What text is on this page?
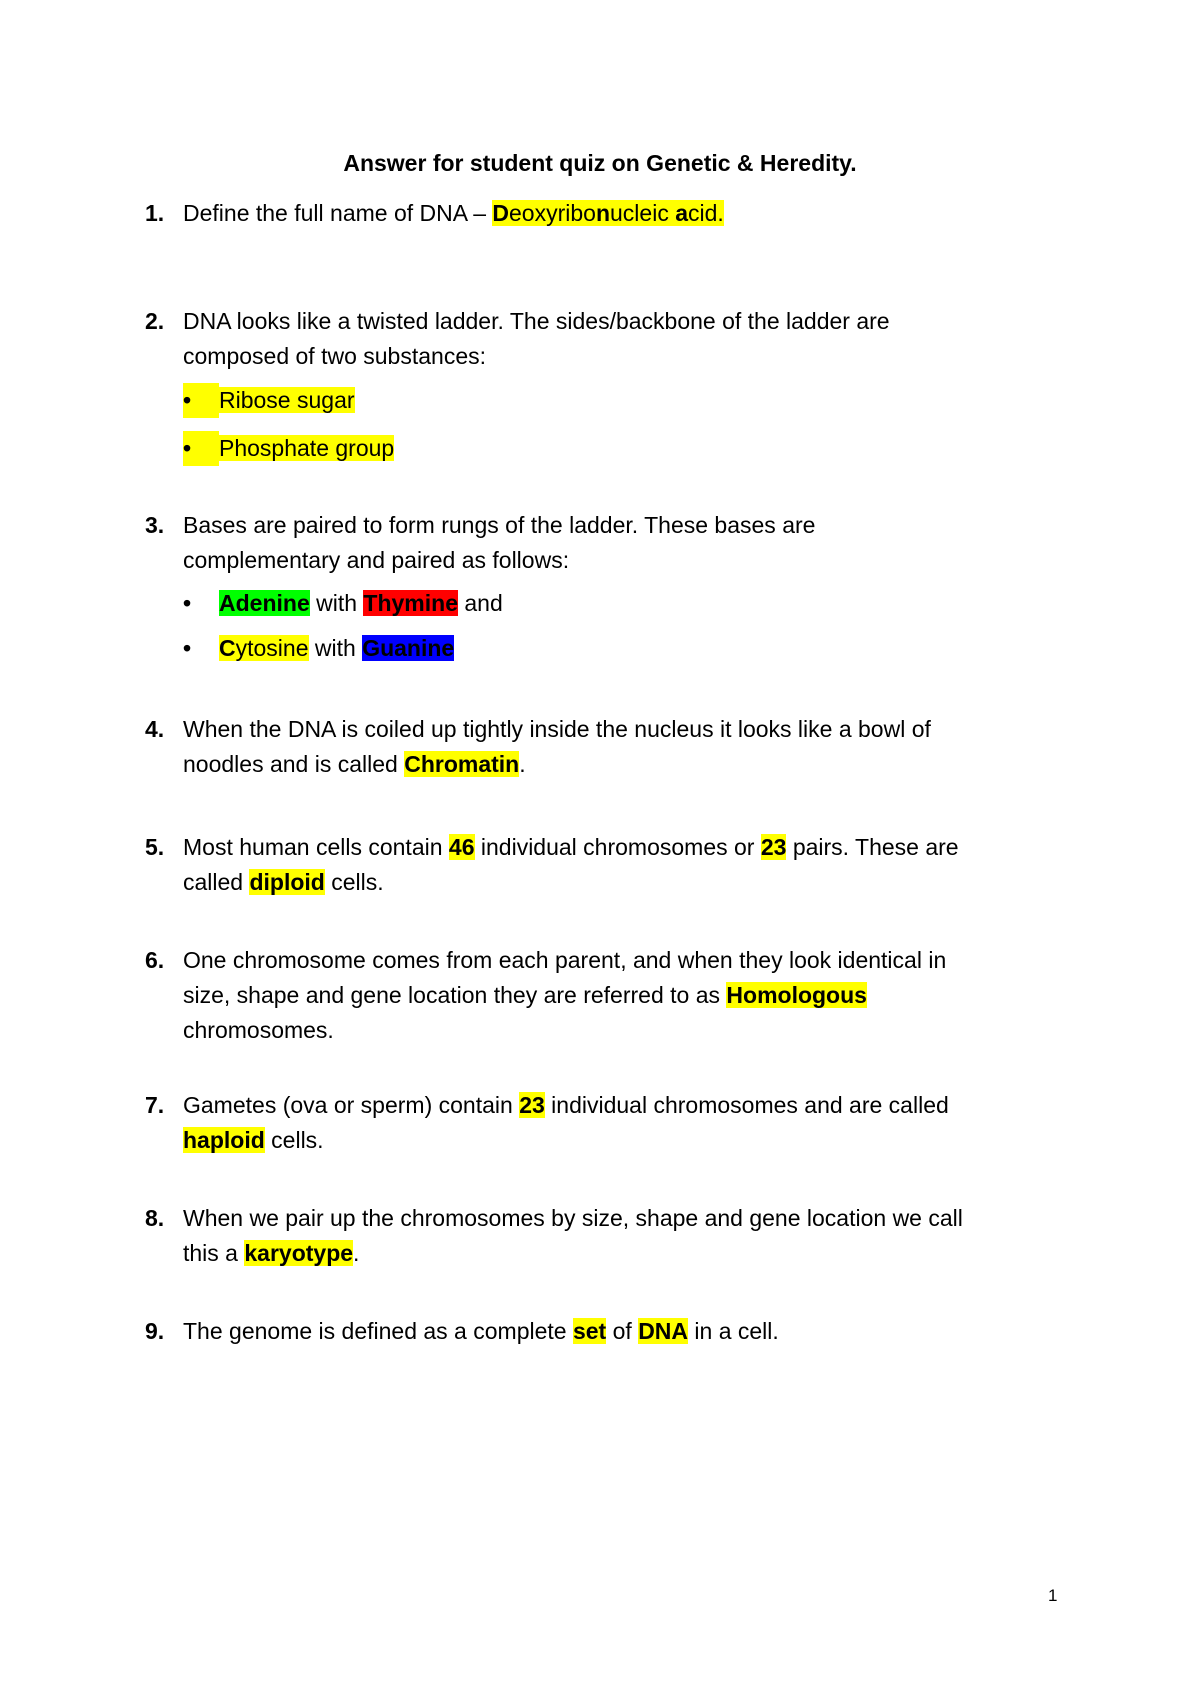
Answer for student quiz on Genetic & Heredity.
1. Define the full name of DNA – Deoxyribonucleic acid.
2. DNA looks like a twisted ladder. The sides/backbone of the ladder are
composed of two substances:
• Ribose sugar
• Phosphate group
3. Bases are paired to form rungs of the ladder. These bases are
complementary and paired as follows:
• Adenine with Thymine and
• Cytosine with Guanine
4. When the DNA is coiled up tightly inside the nucleus it looks like a bowl of
noodles and is called Chromatin.
5. Most human cells contain 46 individual chromosomes or 23 pairs. These are
called diploid cells.
6. One chromosome comes from each parent, and when they look identical in
size, shape and gene location they are referred to as Homologous
chromosomes.
7. Gametes (ova or sperm) contain 23 individual chromosomes and are called
haploid cells.
8. When we pair up the chromosomes by size, shape and gene location we call
this a karyotype.
9. The genome is defined as a complete set of DNA in a cell.
1
